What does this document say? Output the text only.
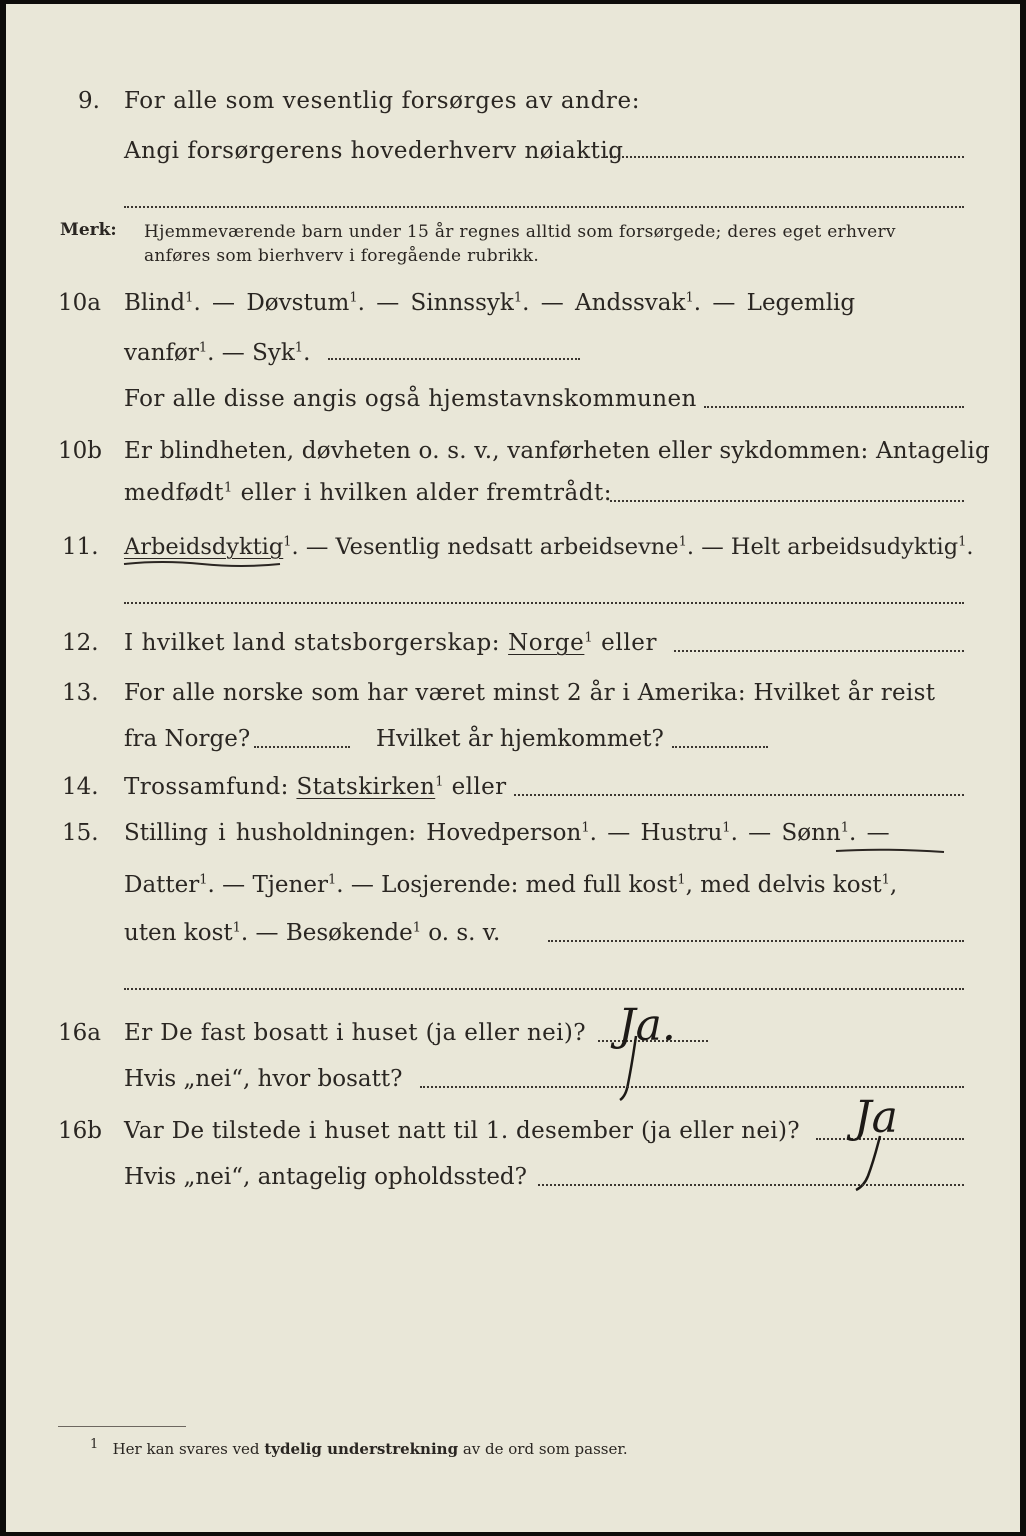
9. For alle som vesentlig forsørges av andre:
Angi forsørgerens hovederhverv nøiaktig
Merk: Hjemmeværende barn under 15 år regnes alltid som forsørgede; deres eget erhverv
anføres som bierhverv i foregående rubrikk.
10a Blind$^1$. — Døvstum$^1$. — Sinnssyk$^1$. — Andssvak$^1$. — Legemlig
vanfør$^1$. — Syk$^1$.
For alle disse angis også hjemstavnskommunen
10b Er blindheten, døvheten o. s. v., vanførheten eller sykdommen: Antagelig
medfødt$^1$ eller i hvilken alder fremtrådt:
11. Arbeidsdyktig$^1$. — Vesentlig nedsatt arbeidsevne$^1$. — Helt arbeidsudyktig$^1$.
12. I hvilket land statsborgerskap: Norge$^1$ eller
13. For alle norske som har været minst 2 år i Amerika: Hvilket år reist
fra Norge?	Hvilket år hjemkommet?
14. Trossamfund: Statskirken$^1$ eller
15. Stilling i husholdningen: Hovedperson$^1$. — Hustru$^1$. — Sønn$^1$. —
Datter$^1$. — Tjener$^1$. — Losjerende: med full kost$^1$, med delvis kost$^1$,
uten kost$^1$. — Besøkende$^1$ o. s. v.
16a Er De fast bosatt i huset (ja eller nei)? Ja.
Hvis „nei“, hvor bosatt?
16b Var De tilstede i huset natt til 1. desember (ja eller nei)? Ja
Hvis „nei“, antagelig opholdssted?
1 Her kan svares ved tydelig understrekning av de ord som passer.
